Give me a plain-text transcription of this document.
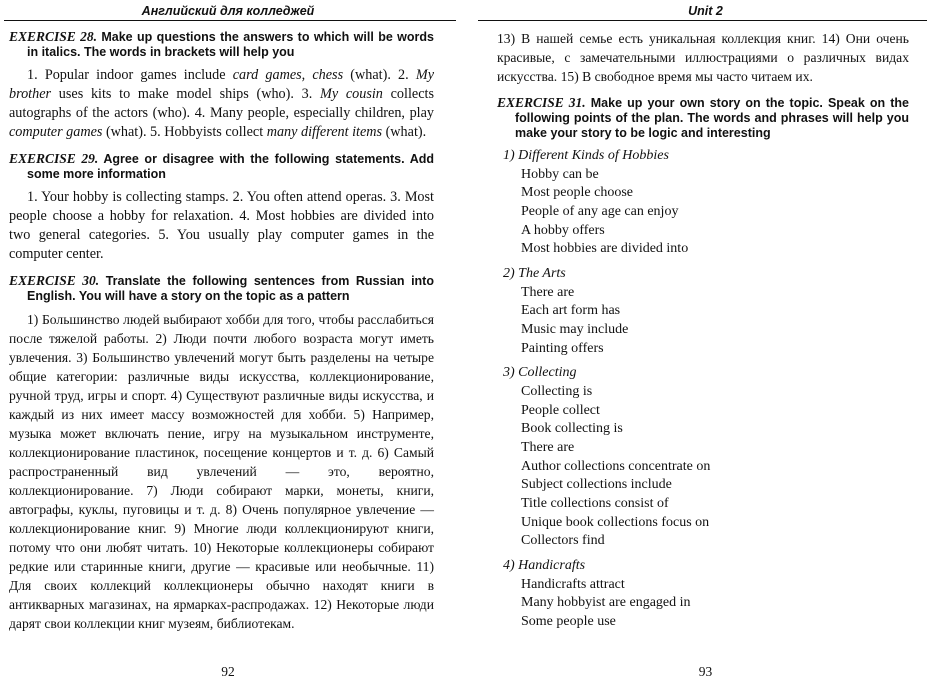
Английский для колледжей

EXERCISE 28. Make up questions the answers to which will be words in italics. The words in brackets will help you

1. Popular indoor games include card games, chess (what). 2. My brother uses kits to make model ships (who). 3. My cousin collects autographs of the actors (who). 4. Many people, especially children, play computer games (what). 5. Hobbyists collect many different items (what).

EXERCISE 29. Agree or disagree with the following statements. Add some more information

1. Your hobby is collecting stamps. 2. You often attend operas. 3. Most people choose a hobby for relaxation. 4. Most hobbies are divided into two general categories. 5. You usually play computer games in the computer center.

EXERCISE 30. Translate the following sentences from Russian into English. You will have a story on the topic as a pattern

1) Большинство людей выбирают хобби для того, чтобы расслабиться после тяжелой работы. 2) Люди почти любого возраста могут иметь увлечения. 3) Большинство увлечений могут быть разделены на четыре общие категории: различные виды искусства, коллекционирование, ручной труд, игры и спорт. 4) Существуют различные виды искусства, и каждый из них имеет массу возможностей для хобби. 5) Например, музыка может включать пение, игру на музыкальном инструменте, коллекционирование пластинок, посещение концертов и т. д. 6) Самый распространенный вид увлечений — это, вероятно, коллекционирование. 7) Люди собирают марки, монеты, книги, автографы, куклы, пуговицы и т. д. 8) Очень популярное увлечение — коллекционирование книг. 9) Многие люди коллекционируют книги, потому что они любят читать. 10) Некоторые коллекционеры собирают редкие или старинные книги, другие — красивые или необычные. 11) Для своих коллекций коллекционеры обычно находят книги в антикварных магазинах, на ярмарках-распродажах. 12) Некоторые люди дарят свои коллекции книг музеям, библиотекам.

92
Unit 2

13) В нашей семье есть уникальная коллекция книг. 14) Они очень красивые, с замечательными иллюстрациями о различных видах искусства. 15) В свободное время мы часто читаем их.

EXERCISE 31. Make up your own story on the topic. Speak on the following points of the plan. The words and phrases will help you make your story to be logic and interesting

1) Different Kinds of Hobbies
Hobby can be
Most people choose
People of any age can enjoy
A hobby offers
Most hobbies are divided into
2) The Arts
There are
Each art form has
Music may include
Painting offers
3) Collecting
Collecting is
People collect
Book collecting is
There are
Author collections concentrate on
Subject collections include
Title collections consist of
Unique book collections focus on
Collectors find
4) Handicrafts
Handicrafts attract
Many hobbyist are engaged in
Some people use
93
